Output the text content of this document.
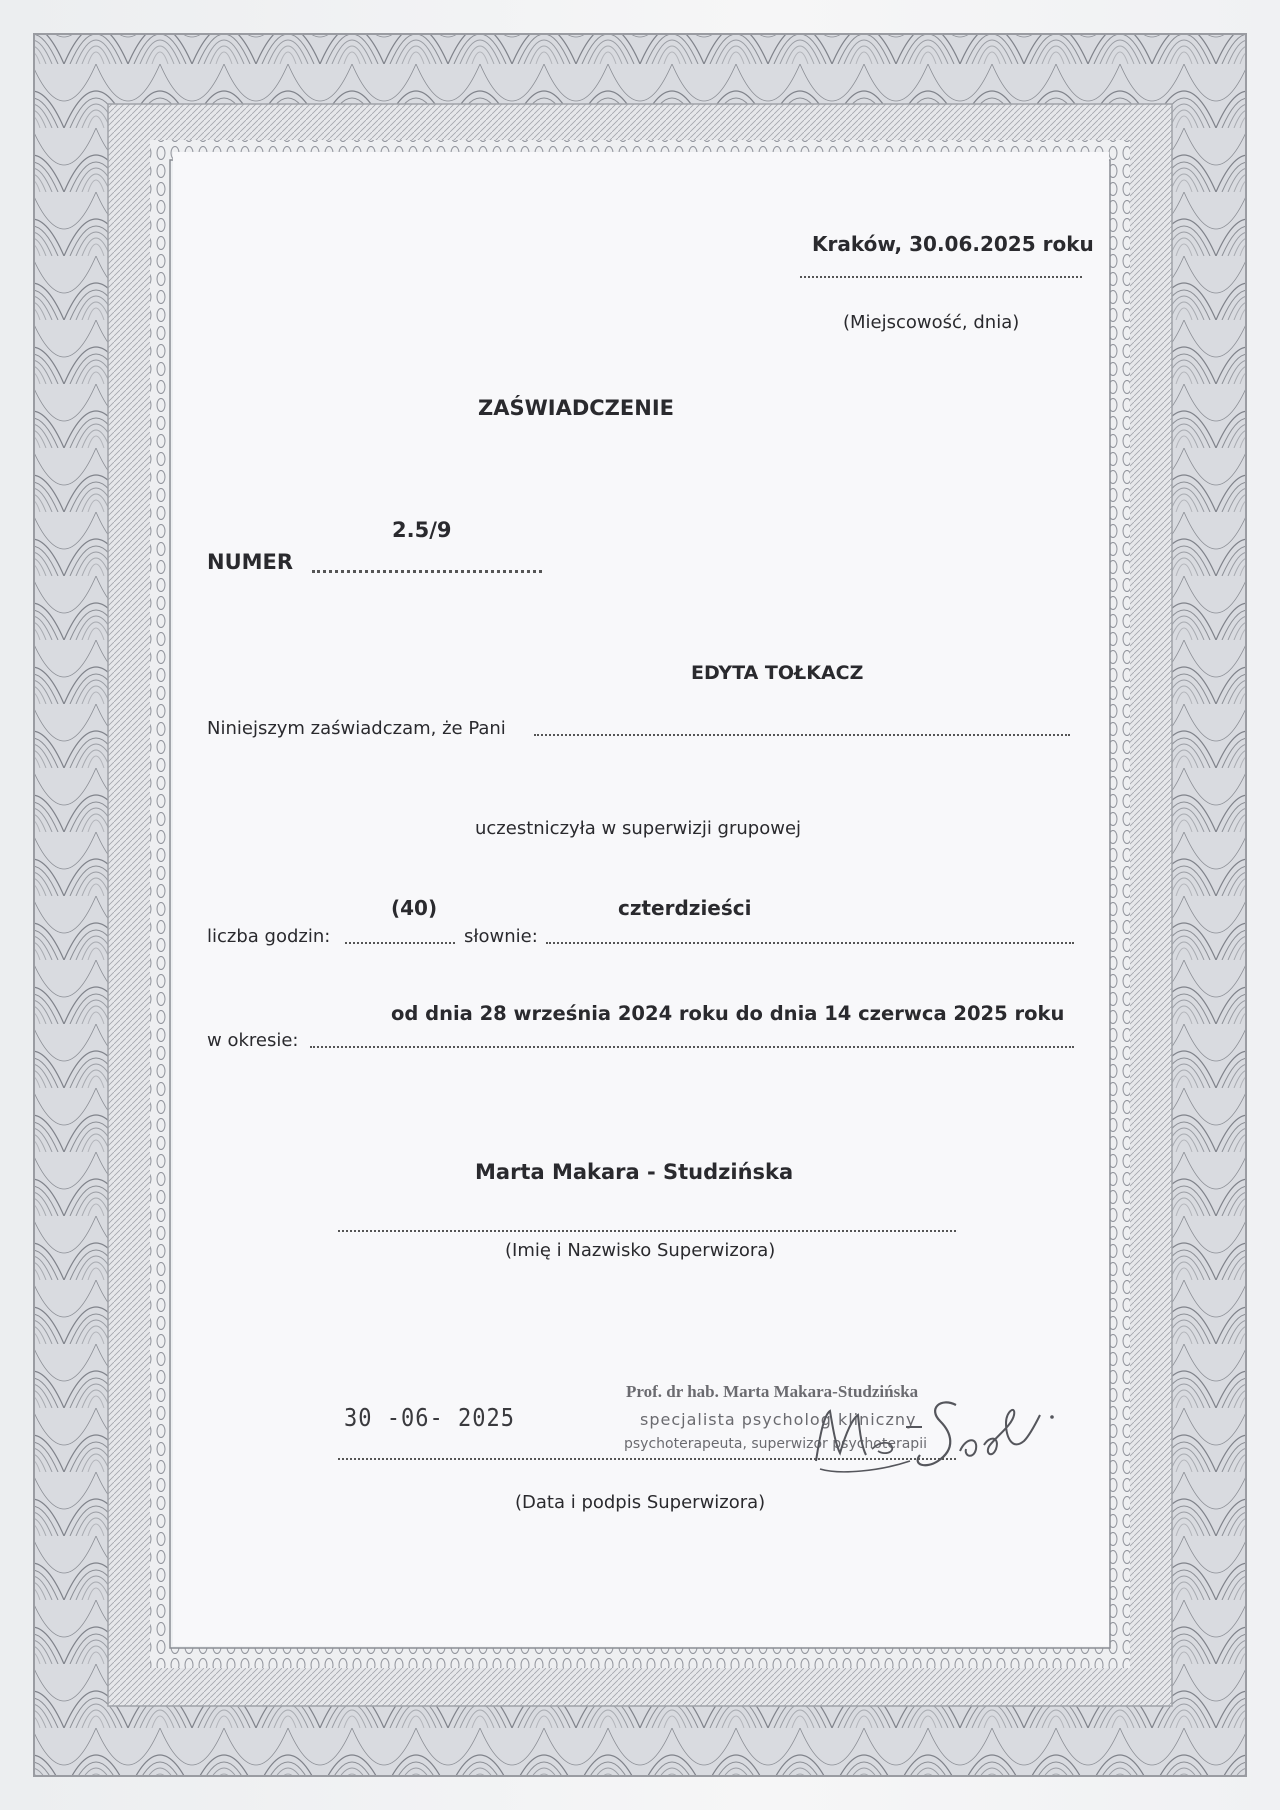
Kraków, 30.06.2025 roku
(Miejscowość, dnia)
ZAŚWIADCZENIE
2.5/9
NUMER
EDYTA TOŁKACZ
Niniejszym zaświadczam, że Pani
uczestniczyła w superwizji grupowej
(40)	czterdzieści
liczba godzin:	słownie:
od dnia 28 września 2024 roku do dnia 14 czerwca 2025 roku
w okresie:
Marta Makara - Studzińska
(Imię i Nazwisko Superwizora)
30 -06- 2025
Prof. dr hab. Marta Makara-Studzińska
specjalista psycholog kliniczny
psychoterapeuta, superwizor psychoterapii
(Data i podpis Superwizora)
